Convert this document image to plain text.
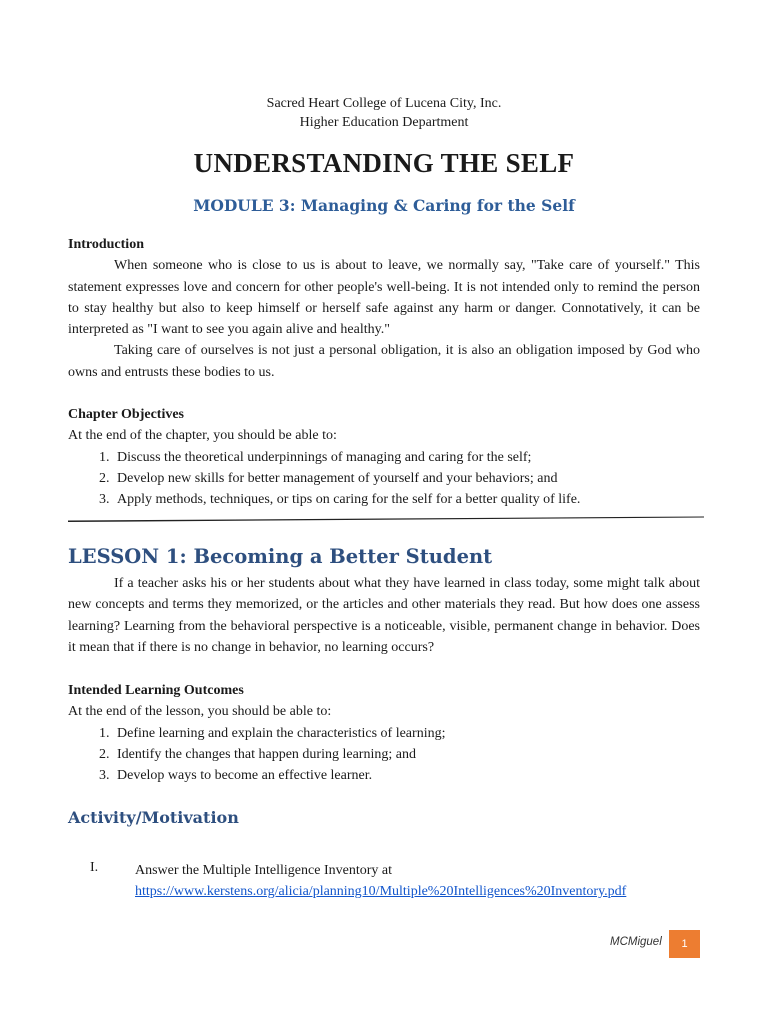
Sacred Heart College of Lucena City, Inc.
Higher Education Department
UNDERSTANDING THE SELF
MODULE 3: Managing & Caring for the Self
Introduction

When someone who is close to us is about to leave, we normally say, "Take care of yourself." This statement expresses love and concern for other people's well-being. It is not intended only to remind the person to stay healthy but also to keep himself or herself safe against any harm or danger. Connotatively, it can be interpreted as "I want to see you again alive and healthy."

Taking care of ourselves is not just a personal obligation, it is also an obligation imposed by God who owns and entrusts these bodies to us.

Chapter Objectives
At the end of the chapter, you should be able to:
1. Discuss the theoretical underpinnings of managing and caring for the self;
2. Develop new skills for better management of yourself and your behaviors; and
3. Apply methods, techniques, or tips on caring for the self for a better quality of life.
LESSON 1: Becoming a Better Student

If a teacher asks his or her students about what they have learned in class today, some might talk about new concepts and terms they memorized, or the articles and other materials they read. But how does one assess learning? Learning from the behavioral perspective is a noticeable, visible, permanent change in behavior. Does it mean that if there is no change in behavior, no learning occurs?

Intended Learning Outcomes
At the end of the lesson, you should be able to:
1. Define learning and explain the characteristics of learning;
2. Identify the changes that happen during learning; and
3. Develop ways to become an effective learner.
Activity/Motivation
I.	Answer the Multiple Intelligence Inventory at
https://www.kerstens.org/alicia/planning10/Multiple%20Intelligences%20Inventory.pdf
MCMiguel	1
